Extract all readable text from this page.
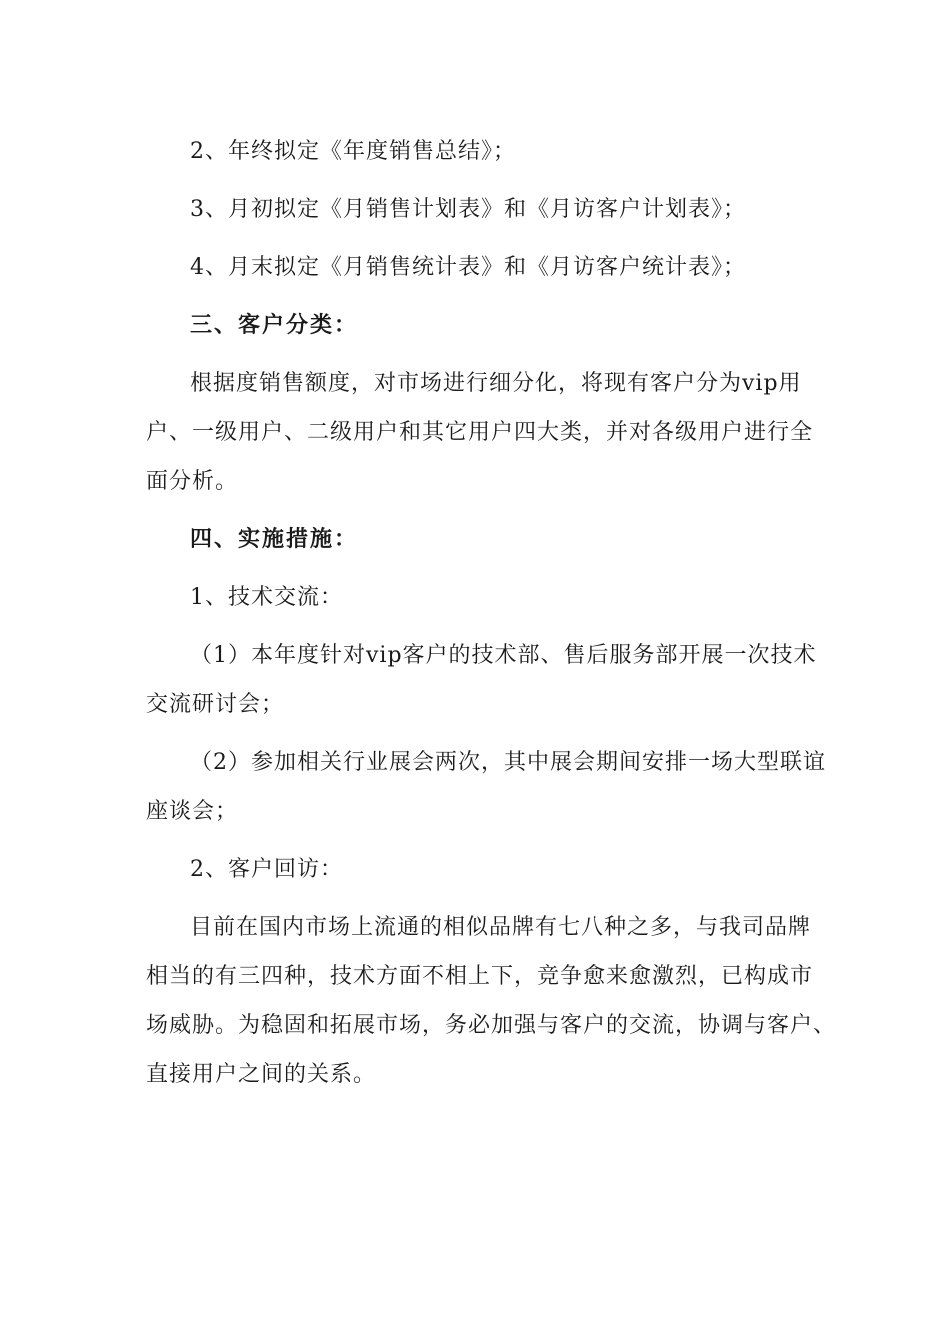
2、年终拟定《年度销售总结》；
3、月初拟定《月销售计划表》和《月访客户计划表》；
4、月末拟定《月销售统计表》和《月访客户统计表》；
三、客户分类：
根据度销售额度，对市场进行细分化，将现有客户分为vip用
户、一级用户、二级用户和其它用户四大类，并对各级用户进行全
面分析。
四、实施措施：
1、技术交流：
（1）本年度针对vip客户的技术部、售后服务部开展一次技术
交流研讨会；
（2）参加相关行业展会两次，其中展会期间安排一场大型联谊
座谈会；
2、客户回访：
目前在国内市场上流通的相似品牌有七八种之多，与我司品牌
相当的有三四种，技术方面不相上下，竞争愈来愈激烈，已构成市
场威胁。为稳固和拓展市场，务必加强与客户的交流，协调与客户、
直接用户之间的关系。
